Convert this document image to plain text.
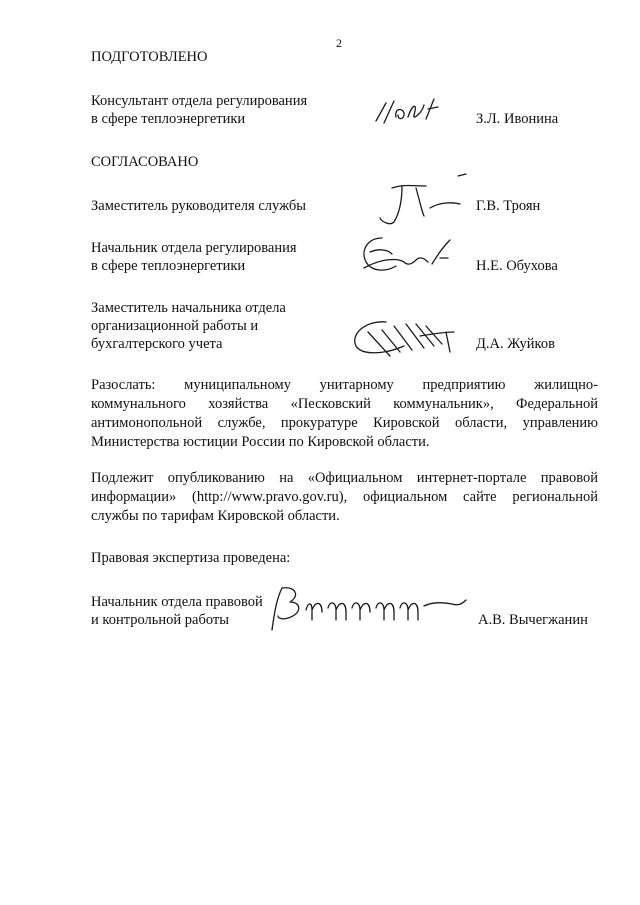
2
ПОДГОТОВЛЕНО
Консультант отдела регулирования
в сфере теплоэнергетики	З.Л. Ивонина
СОГЛАСОВАНО
Заместитель руководителя службы	Г.В. Троян
Начальник отдела регулирования
в сфере теплоэнергетики	Н.Е. Обухова
Заместитель начальника отдела
организационной работы и
бухгалтерского учета	Д.А. Жуйков
Разослать: муниципальному унитарному предприятию жилищно-
коммунального хозяйства «Песковский коммунальник», Федеральной
антимонопольной службе, прокуратуре Кировской области, управлению
Министерства юстиции России по Кировской области.
Подлежит опубликованию на «Официальном интернет-портале правовой
информации» (http://www.pravo.gov.ru), официальном сайте региональной
службы по тарифам Кировской области.
Правовая экспертиза проведена:
Начальник отдела правовой
и контрольной работы	А.В. Вычегжанин
